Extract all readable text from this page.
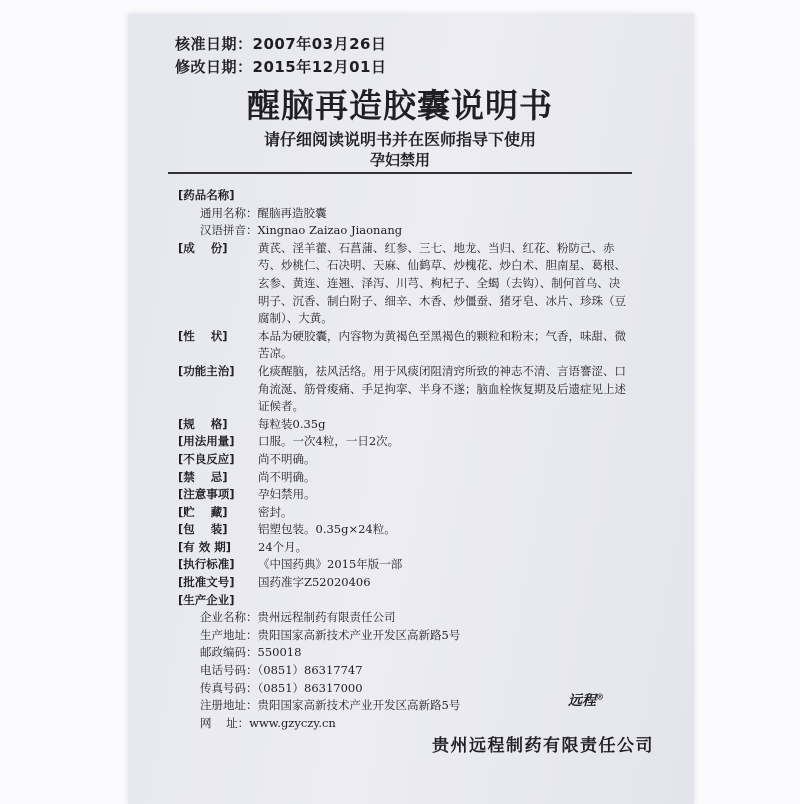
核准日期：2007年03月26日
修改日期：2015年12月01日
醒脑再造胶囊说明书
请仔细阅读说明书并在医师指导下使用
孕妇禁用
[药品名称]
通用名称：醒脑再造胶囊
汉语拼音：Xingnao Zaizao Jiaonang
[成    份]	黄芪、淫羊藿、石菖蒲、红参、三七、地龙、当归、红花、粉防己、赤芍、炒桃仁、石决明、天麻、仙鹤草、炒槐花、炒白术、胆南星、葛根、玄参、黄连、连翘、泽泻、川芎、枸杞子、全蝎（去钩）、制何首乌、决明子、沉香、制白附子、细辛、木香、炒僵蚕、猪牙皂、冰片、珍珠（豆腐制）、大黄。
[性    状]	本品为硬胶囊，内容物为黄褐色至黑褐色的颗粒和粉末；气香，味甜、微苦凉。
[功能主治]	化痰醒脑，祛风活络。用于风痰闭阻清窍所致的神志不清、言语謇涩、口角流涎、筋骨痠痛、手足拘挛、半身不遂；脑血栓恢复期及后遗症见上述证候者。
[规    格]	每粒装0.35g
[用法用量]	口服。一次4粒，一日2次。
[不良反应]	尚不明确。
[禁    忌]	尚不明确。
[注意事项]	孕妇禁用。
[贮    藏]	密封。
[包    装]	铝塑包装。0.35g×24粒。
[有 效 期]	24个月。
[执行标准]	《中国药典》2015年版一部
[批准文号]	国药准字Z52020406
[生产企业]
企业名称：贵州远程制药有限责任公司
生产地址：贵阳国家高新技术产业开发区高新路5号
邮政编码：550018
电话号码：（0851）86317747
传真号码：（0851）86317000
注册地址：贵阳国家高新技术产业开发区高新路5号
网    址：www.gzyczy.cn
远程®
贵州远程制药有限责任公司
